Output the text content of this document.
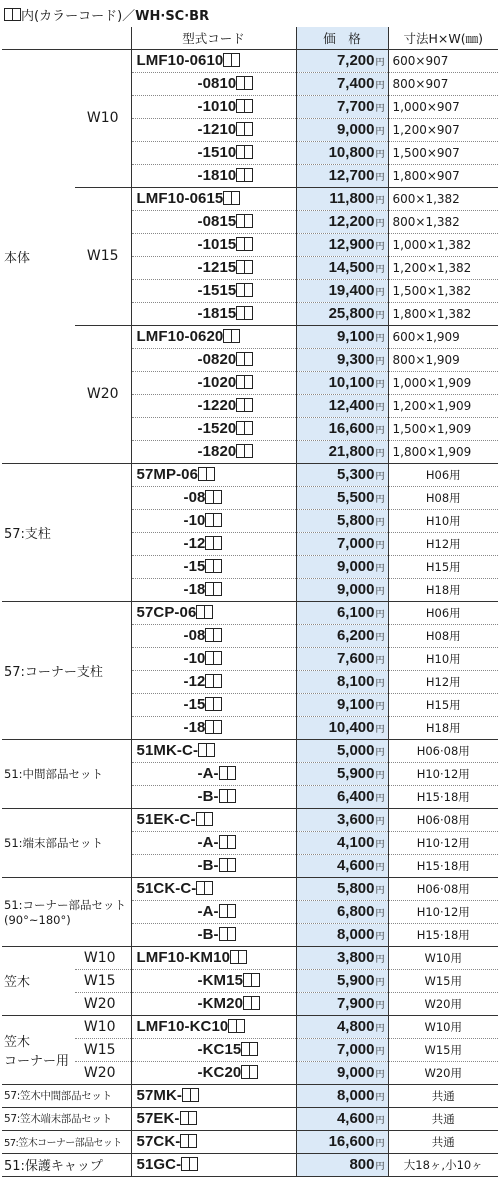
内(カラーコード)／WH·SC·BR
		型式コード	価　格	寸法H×W(㎜)
本体	W10	LMF10-0610	7,200円	600×907
		-0810	7,400円	800×907
		-1010	7,700円	1,000×907
		-1210	9,000円	1,200×907
		-1510	10,800円	1,500×907
		-1810	12,700円	1,800×907
	W15	LMF10-0615	11,800円	600×1,382
		-0815	12,200円	800×1,382
		-1015	12,900円	1,000×1,382
		-1215	14,500円	1,200×1,382
		-1515	19,400円	1,500×1,382
		-1815	25,800円	1,800×1,382
	W20	LMF10-0620	9,100円	600×1,909
		-0820	9,300円	800×1,909
		-1020	10,100円	1,000×1,909
		-1220	12,400円	1,200×1,909
		-1520	16,600円	1,500×1,909
		-1820	21,800円	1,800×1,909
57:支柱		57MP-06	5,300円	H06用
		-08	5,500円	H08用
		-10	5,800円	H10用
		-12	7,000円	H12用
		-15	9,000円	H15用
		-18	9,000円	H18用
57:コーナー支柱		57CP-06	6,100円	H06用
		-08	6,200円	H08用
		-10	7,600円	H10用
		-12	8,100円	H12用
		-15	9,100円	H15用
		-18	10,400円	H18用
51:中間部品セット		51MK-C-	5,000円	H06·08用
		-A-	5,900円	H10·12用
		-B-	6,400円	H15·18用
51:端末部品セット		51EK-C-	3,600円	H06·08用
		-A-	4,100円	H10·12用
		-B-	4,600円	H15·18用
51:コーナー部品セット
(90°~180°)		51CK-C-	5,800円	H06·08用
		-A-	6,800円	H10·12用
		-B-	8,000円	H15·18用
笠木	W10	LMF10-KM10	3,800円	W10用
	W15	-KM15	5,900円	W15用
	W20	-KM20	7,900円	W20用
笠木
コーナー用	W10	LMF10-KC10	4,800円	W10用
	W15	-KC15	7,000円	W15用
	W20	-KC20	9,000円	W20用
57:笠木中間部品セット		57MK-	8,000円	共通
57:笠木端末部品セット		57EK-	4,600円	共通
57:笠木コーナー部品セット		57CK-	16,600円	共通
51:保護キャップ		51GC-	800円	大18ヶ,小10ヶ
